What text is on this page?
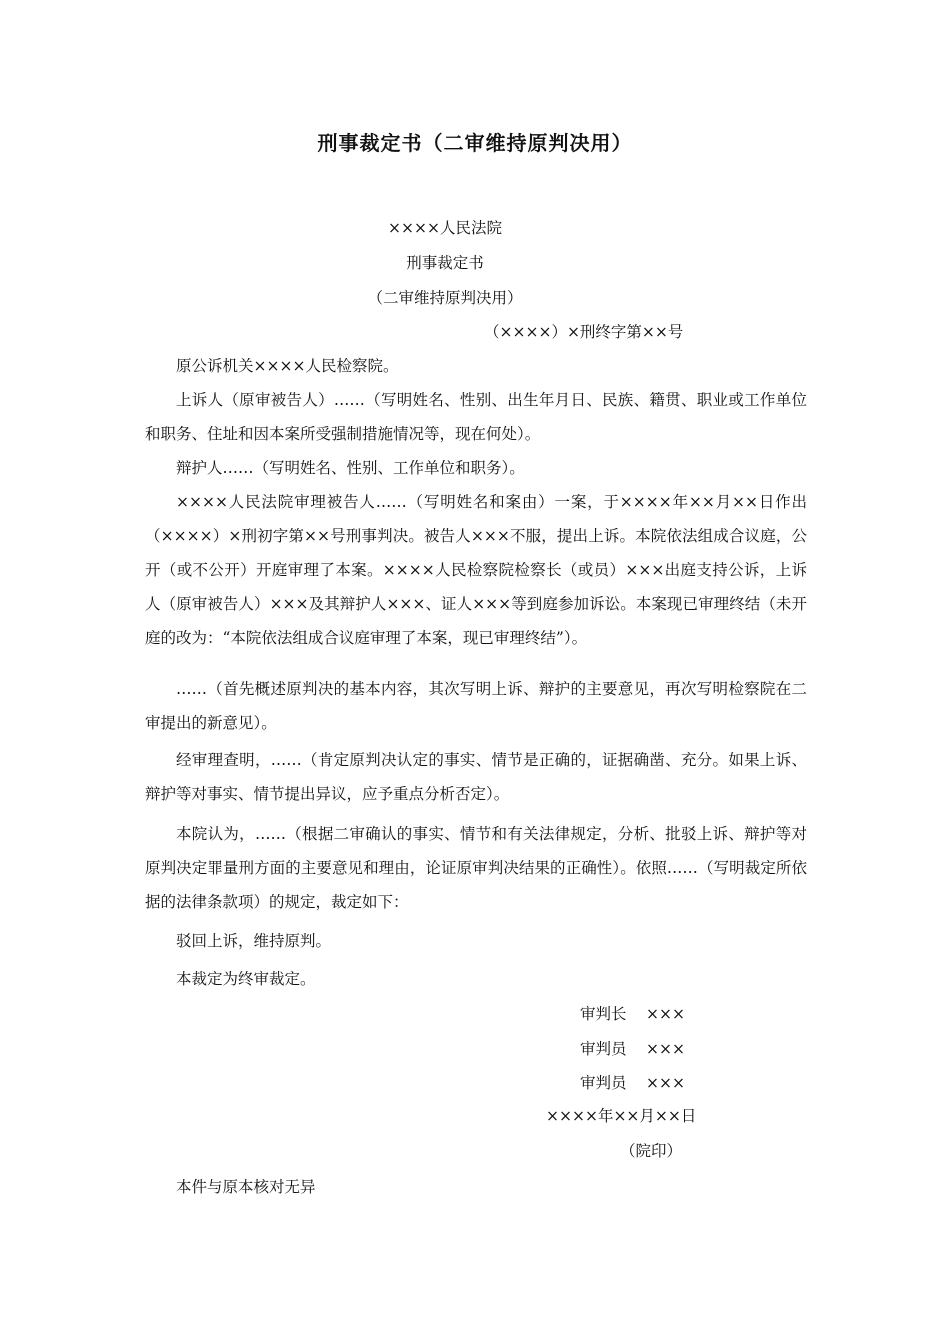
刑事裁定书（二审维持原判决用）
××××人民法院
刑事裁定书
（二审维持原判决用）
（××××）×刑终字第××号
原公诉机关××××人民检察院。
上诉人（原审被告人）……（写明姓名、性别、出生年月日、民族、籍贯、职业或工作单位和职务、住址和因本案所受强制措施情况等，现在何处）。
辩护人……（写明姓名、性别、工作单位和职务）。
××××人民法院审理被告人……（写明姓名和案由）一案，于××××年××月××日作出（××××）×刑初字第××号刑事判决。被告人×××不服，提出上诉。本院依法组成合议庭，公开（或不公开）开庭审理了本案。××××人民检察院检察长（或员）×××出庭支持公诉，上诉人（原审被告人）×××及其辩护人×××、证人×××等到庭参加诉讼。本案现已审理终结（未开庭的改为：“本院依法组成合议庭审理了本案，现已审理终结”）。
……（首先概述原判决的基本内容，其次写明上诉、辩护的主要意见，再次写明检察院在二审提出的新意见）。
经审理查明，……（肯定原判决认定的事实、情节是正确的，证据确凿、充分。如果上诉、辩护等对事实、情节提出异议，应予重点分析否定）。
本院认为，……（根据二审确认的事实、情节和有关法律规定，分析、批驳上诉、辩护等对原判决定罪量刑方面的主要意见和理由，论证原审判决结果的正确性）。依照……（写明裁定所依据的法律条款项）的规定，裁定如下：
驳回上诉，维持原判。
本裁定为终审裁定。
审判长 ×××
审判员 ×××
审判员 ×××
××××年××月××日
（院印）
本件与原本核对无异
